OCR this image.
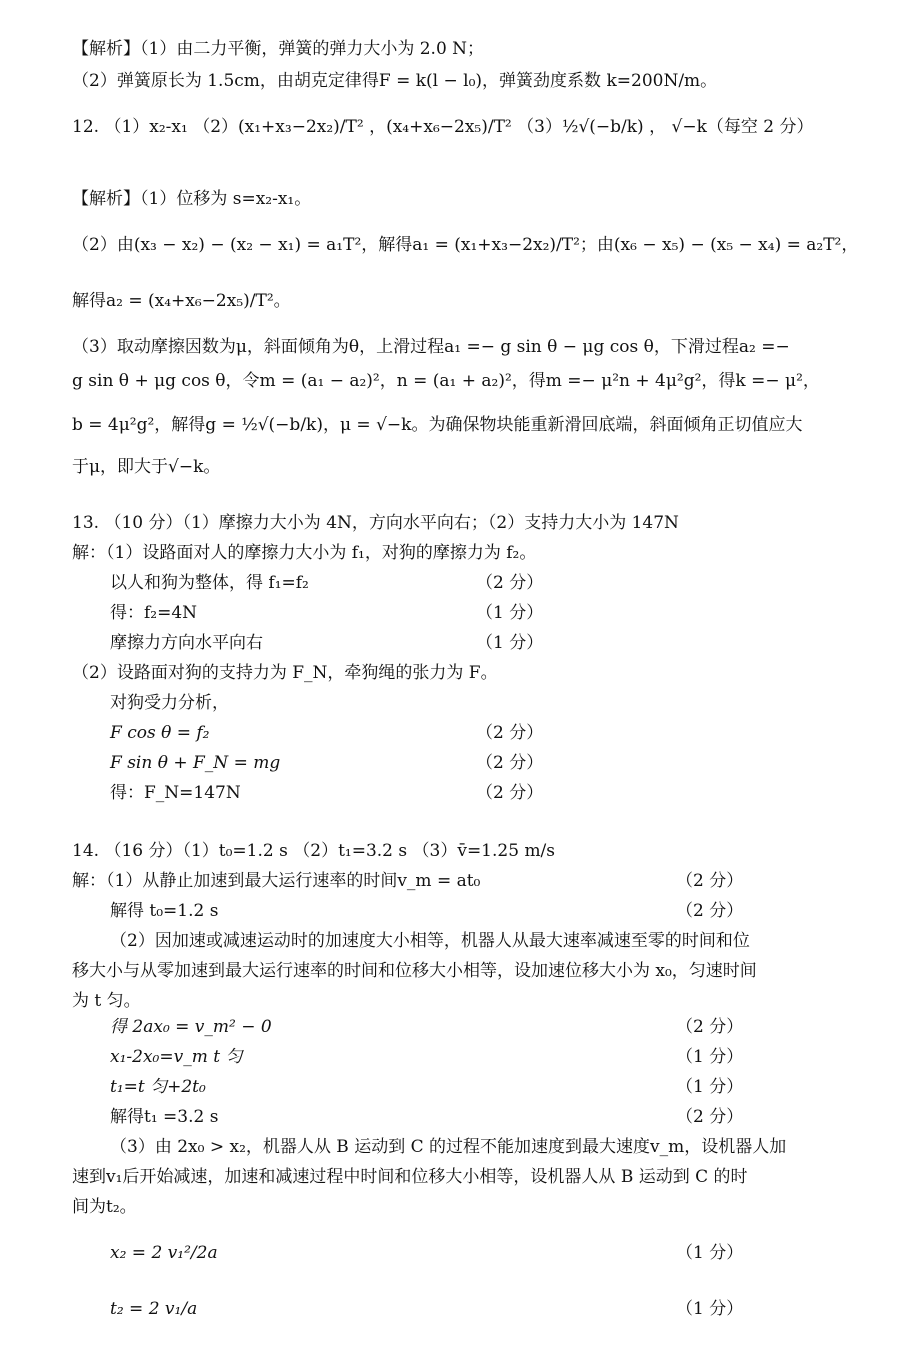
【解析】（1）由二力平衡，弹簧的弹力大小为 2.0 N；
（2）弹簧原长为 1.5cm，由胡克定律得F = k(l − l₀)，弹簧劲度系数 k=200N/m。
12. （1）x₂-x₁ （2）(x₁+x₃−2x₂)/T² ，(x₄+x₆−2x₅)/T² （3）½√(−b/k) ， √−k（每空 2 分）
【解析】（1）位移为 s=x₂-x₁。
（2）由(x₃ − x₂) − (x₂ − x₁) = a₁T²，解得a₁ = (x₁+x₃−2x₂)/T²；由(x₆ − x₅) − (x₅ − x₄) = a₂T²，
解得a₂ = (x₄+x₆−2x₅)/T²。
（3）取动摩擦因数为μ，斜面倾角为θ，上滑过程a₁ =− g sin θ − μg cos θ，下滑过程a₂ =−
g sin θ + μg cos θ，令m = (a₁ − a₂)²，n = (a₁ + a₂)²，得m =− μ²n + 4μ²g²，得k =− μ²，
b = 4μ²g²，解得g = ½√(−b/k)，μ = √−k。为确保物块能重新滑回底端，斜面倾角正切值应大
于μ，即大于√−k。
13. （10 分）（1）摩擦力大小为 4N，方向水平向右；（2）支持力大小为 147N
解：（1）设路面对人的摩擦力大小为 f₁，对狗的摩擦力为 f₂。
以人和狗为整体，得 f₁=f₂	（2 分）
得：f₂=4N	（1 分）
摩擦力方向水平向右	（1 分）
（2）设路面对狗的支持力为 F_N，牵狗绳的张力为 F。
对狗受力分析，
F cos θ = f₂	（2 分）
F sin θ + F_N = mg	（2 分）
得：F_N=147N	（2 分）
14. （16 分）（1）t₀=1.2 s （2）t₁=3.2 s （3）v̄=1.25 m/s
解：（1）从静止加速到最大运行速率的时间v_m = at₀	（2 分）
解得 t₀=1.2 s	（2 分）
（2）因加速或减速运动时的加速度大小相等，机器人从最大速率减速至零的时间和位
移大小与从零加速到最大运行速率的时间和位移大小相等，设加速位移大小为 x₀，匀速时间
为 t 匀。
得 2ax₀ = v_m² − 0	（2 分）
x₁-2x₀=v_m t 匀	（1 分）
t₁=t 匀+2t₀	（1 分）
解得t₁ =3.2 s	（2 分）
（3）由 2x₀ > x₂，机器人从 B 运动到 C 的过程不能加速度到最大速度v_m，设机器人加
速到v₁后开始减速，加速和减速过程中时间和位移大小相等，设机器人从 B 运动到 C 的时
间为t₂。
x₂ = 2 v₁²/2a	（1 分）
t₂ = 2 v₁/a	（1 分）
